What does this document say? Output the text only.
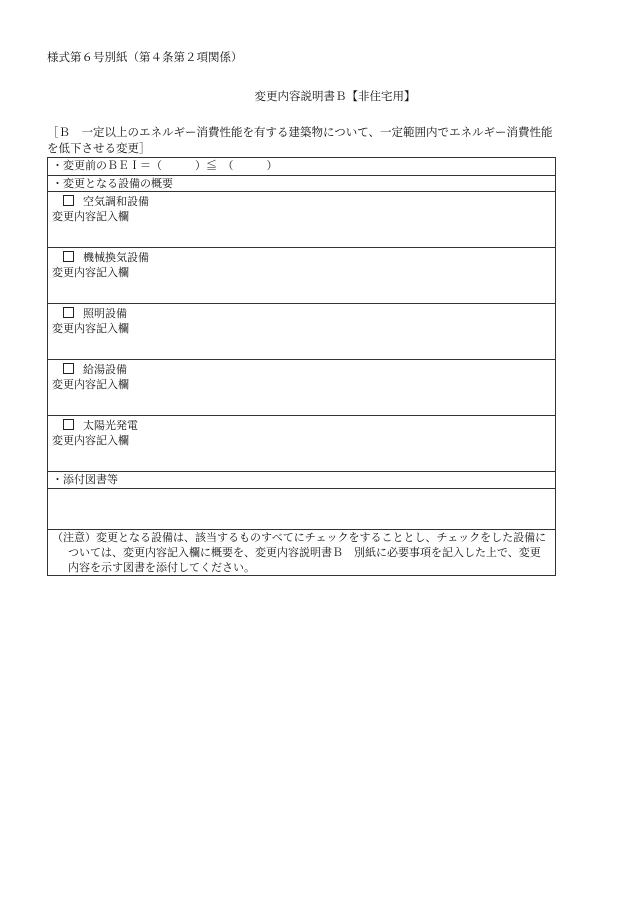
様式第６号別紙（第４条第２項関係）
変更内容説明書Ｂ【非住宅用】
［Ｂ　一定以上のエネルギー消費性能を有する建築物について、一定範囲内でエネルギー消費性能
を低下させる変更］
・変更前のＢＥＩ＝（　　　）≦　（　　　）
・変更となる設備の概要

空気調和設備
変更内容記入欄

機械換気設備
変更内容記入欄

照明設備
変更内容記入欄

給湯設備
変更内容記入欄

太陽光発電
変更内容記入欄

・添付図書等

（注意）変更となる設備は、該当するものすべてにチェックをすることとし、チェックをした設備については、変更内容記入欄に概要を、変更内容説明書Ｂ　別紙に必要事項を記入した上で、変更内容を示す図書を添付してください。
